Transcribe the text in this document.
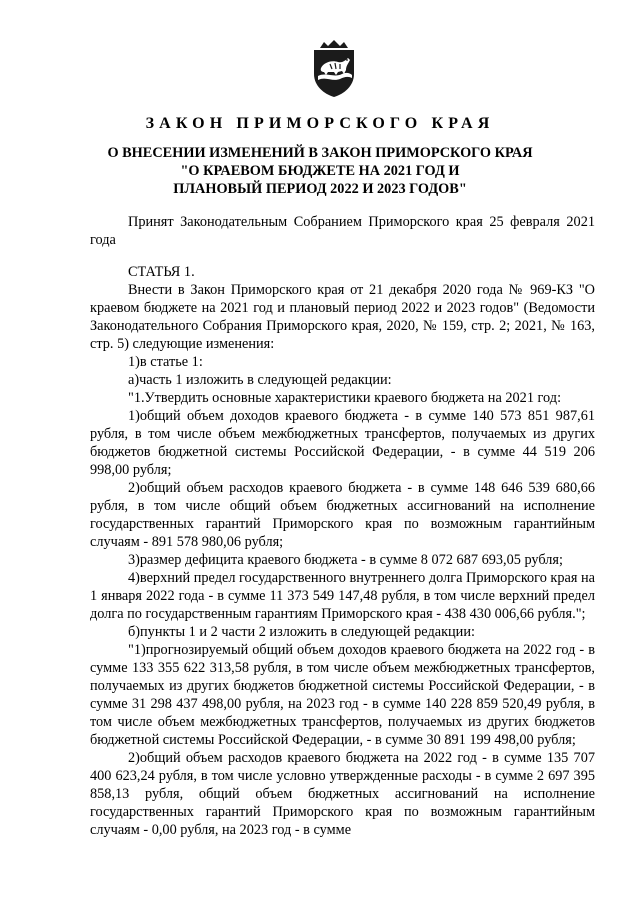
ЗАКОН ПРИМОРСКОГО КРАЯ
О ВНЕСЕНИИ ИЗМЕНЕНИЙ В ЗАКОН ПРИМОРСКОГО КРАЯ
"О КРАЕВОМ БЮДЖЕТЕ НА 2021 ГОД И
ПЛАНОВЫЙ ПЕРИОД 2022 И 2023 ГОДОВ"

Принят Законодательным Собранием Приморского края 25 февраля 2021 года

СТАТЬЯ 1.

Внести в Закон Приморского края от 21 декабря 2020 года № 969-КЗ "О краевом бюджете на 2021 год и плановый период 2022 и 2023 годов" (Ведомости Законодательного Собрания Приморского края, 2020, № 159, стр. 2; 2021, № 163, стр. 5) следующие изменения:

1)в статье 1:

а)часть 1 изложить в следующей редакции:

"1.Утвердить основные характеристики краевого бюджета на 2021 год:

1)общий объем доходов краевого бюджета - в сумме 140 573 851 987,61 рубля, в том числе объем межбюджетных трансфертов, получаемых из других бюджетов бюджетной системы Российской Федерации, - в сумме 44 519 206 998,00 рубля;

2)общий объем расходов краевого бюджета - в сумме 148 646 539 680,66 рубля, в том числе общий объем бюджетных ассигнований на исполнение государственных гарантий Приморского края по возможным гарантийным случаям - 891 578 980,06 рубля;

3)размер дефицита краевого бюджета - в сумме 8 072 687 693,05 рубля;

4)верхний предел государственного внутреннего долга Приморского края на 1 января 2022 года - в сумме 11 373 549 147,48 рубля, в том числе верхний предел долга по государственным гарантиям Приморского края - 438 430 006,66 рубля.";

б)пункты 1 и 2 части 2 изложить в следующей редакции:

"1)прогнозируемый общий объем доходов краевого бюджета на 2022 год - в сумме 133 355 622 313,58 рубля, в том числе объем межбюджетных трансфертов, получаемых из других бюджетов бюджетной системы Российской Федерации, - в сумме 31 298 437 498,00 рубля, на 2023 год - в сумме 140 228 859 520,49 рубля, в том числе объем межбюджетных трансфертов, получаемых из других бюджетов бюджетной системы Российской Федерации, - в сумме 30 891 199 498,00 рубля;

2)общий объем расходов краевого бюджета на 2022 год - в сумме 135 707 400 623,24 рубля, в том числе условно утвержденные расходы - в сумме 2 697 395 858,13 рубля, общий объем бюджетных ассигнований на исполнение государственных гарантий Приморского края по возможным гарантийным случаям - 0,00 рубля, на 2023 год - в сумме
